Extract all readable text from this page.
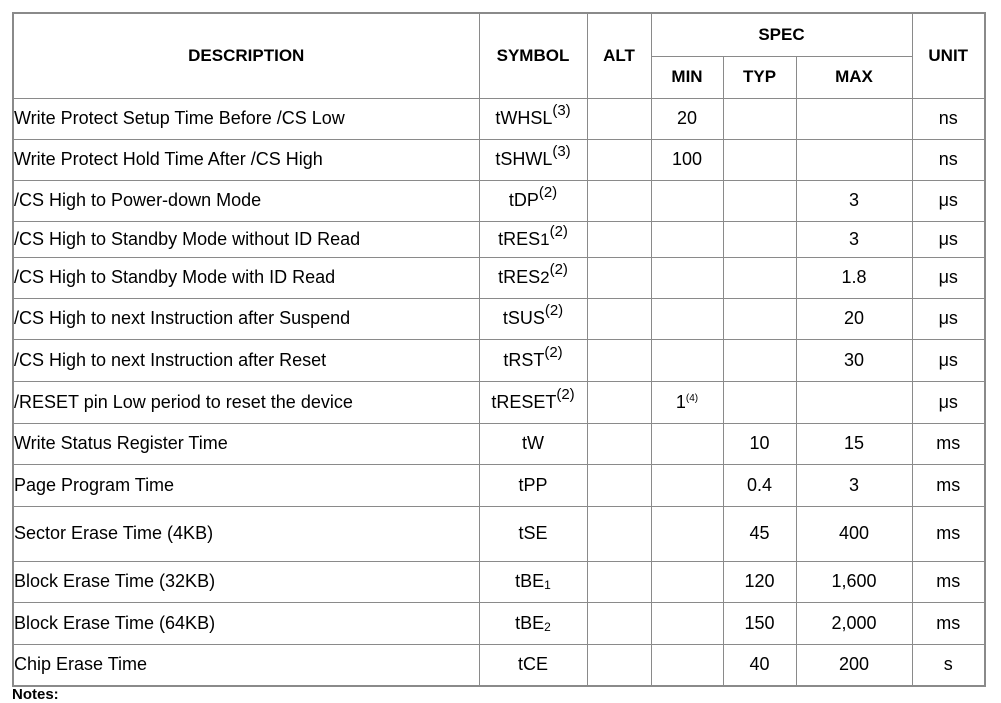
DESCRIPTION	SYMBOL	ALT	SPEC			UNIT
			MIN	TYP	MAX	
Write Protect Setup Time Before /CS Low	tWHSL$^{(3)}$		20			ns
Write Protect Hold Time After /CS High	tSHWL$^{(3)}$		100			ns
/CS High to Power-down Mode	tDP$^{(2)}$				3	μs
/CS High to Standby Mode without ID Read	tRES1$^{(2)}$				3	μs
/CS High to Standby Mode with ID Read	tRES2$^{(2)}$				1.8	μs
/CS High to next Instruction after Suspend	tSUS$^{(2)}$				20	μs
/CS High to next Instruction after Reset	tRST$^{(2)}$				30	μs
/RESET pin Low period to reset the device	tRESET$^{(2)}$		1$^{(4)}$			μs
Write Status Register Time	tW			10	15	ms
Page Program Time	tPP			0.4	3	ms
Sector Erase Time (4KB)	tSE			45	400	ms
Block Erase Time (32KB)	tBE1			120	1,600	ms
Block Erase Time (64KB)	tBE2			150	2,000	ms
Chip Erase Time	tCE			40	200	s
Notes:
